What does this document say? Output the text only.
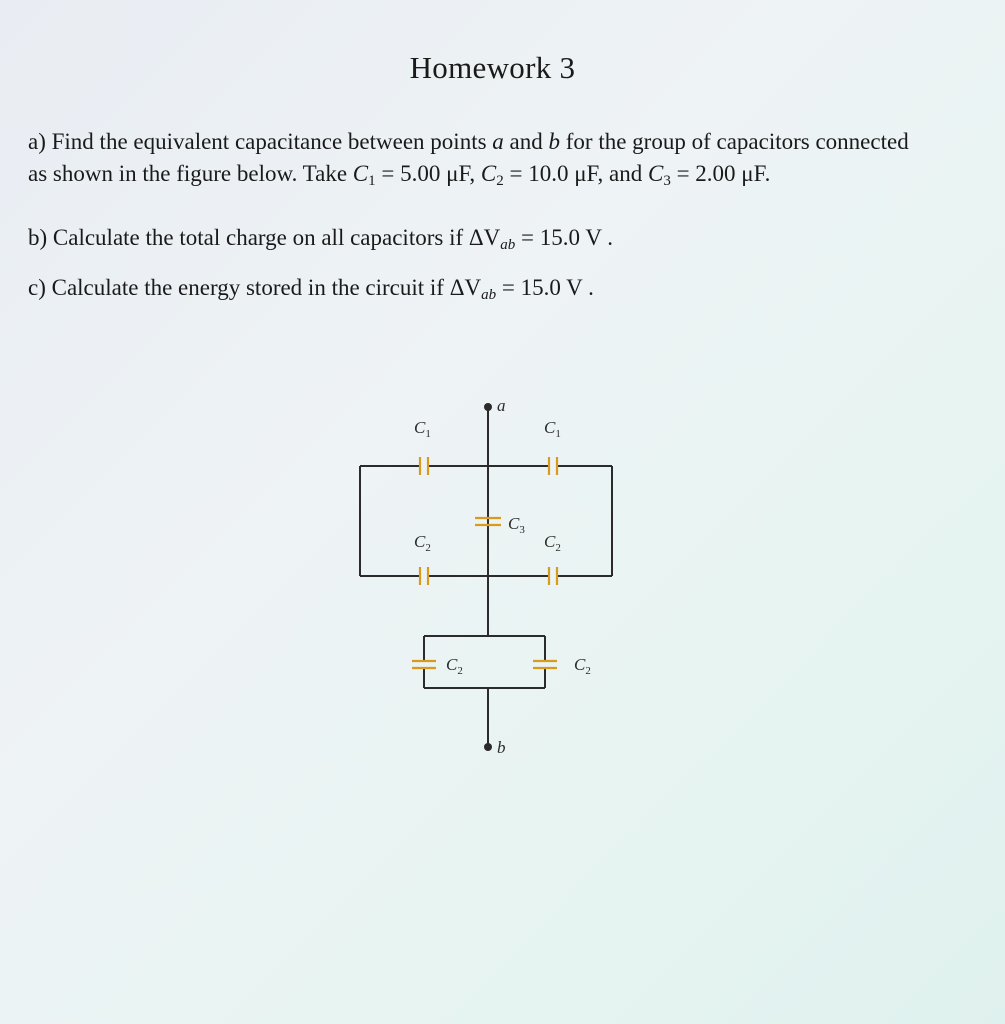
Homework 3
a) Find the equivalent capacitance between points a and b for the group of capacitors connected
as shown in the figure below. Take $C_1 = 5.00$ μF, $C_2 = 10.0$ μF, and $C_3 = 2.00$ μF.
b) Calculate the total charge on all capacitors if $\Delta V_{ab} = 15.0$ V .
c) Calculate the energy stored in the circuit if $\Delta V_{ab} = 15.0$ V .
a
b
$C_1$	$C_1$
$C_3$
$C_2$	$C_2$
$C_2$	$C_2$
